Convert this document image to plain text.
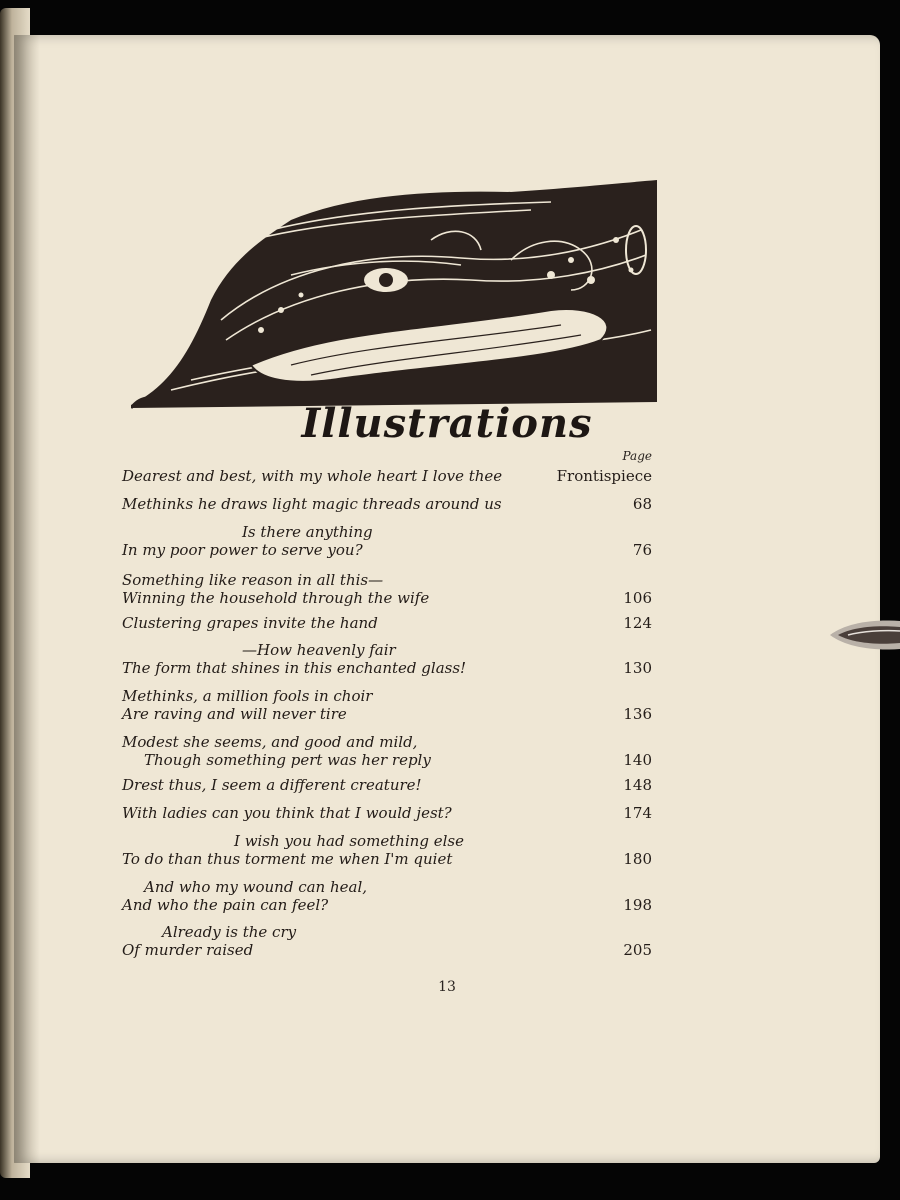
Illustrations
Page
Dearest and best, with my whole heart I love thee	Frontispiece
Methinks he draws light magic threads around us	68
Is there anything
In my poor power to serve you?	76
Something like reason in all this—
Winning the household through the wife	106
Clustering grapes invite the hand	124
—How heavenly fair
The form that shines in this enchanted glass!	130
Methinks, a million fools in choir
Are raving and will never tire	136
Modest she seems, and good and mild,
Though something pert was her reply	140
Drest thus, I seem a different creature!	148
With ladies can you think that I would jest?	174
I wish you had something else
To do than thus torment me when I'm quiet	180
And who my wound can heal,
And who the pain can feel?	198
Already is the cry
Of murder raised	205
13
